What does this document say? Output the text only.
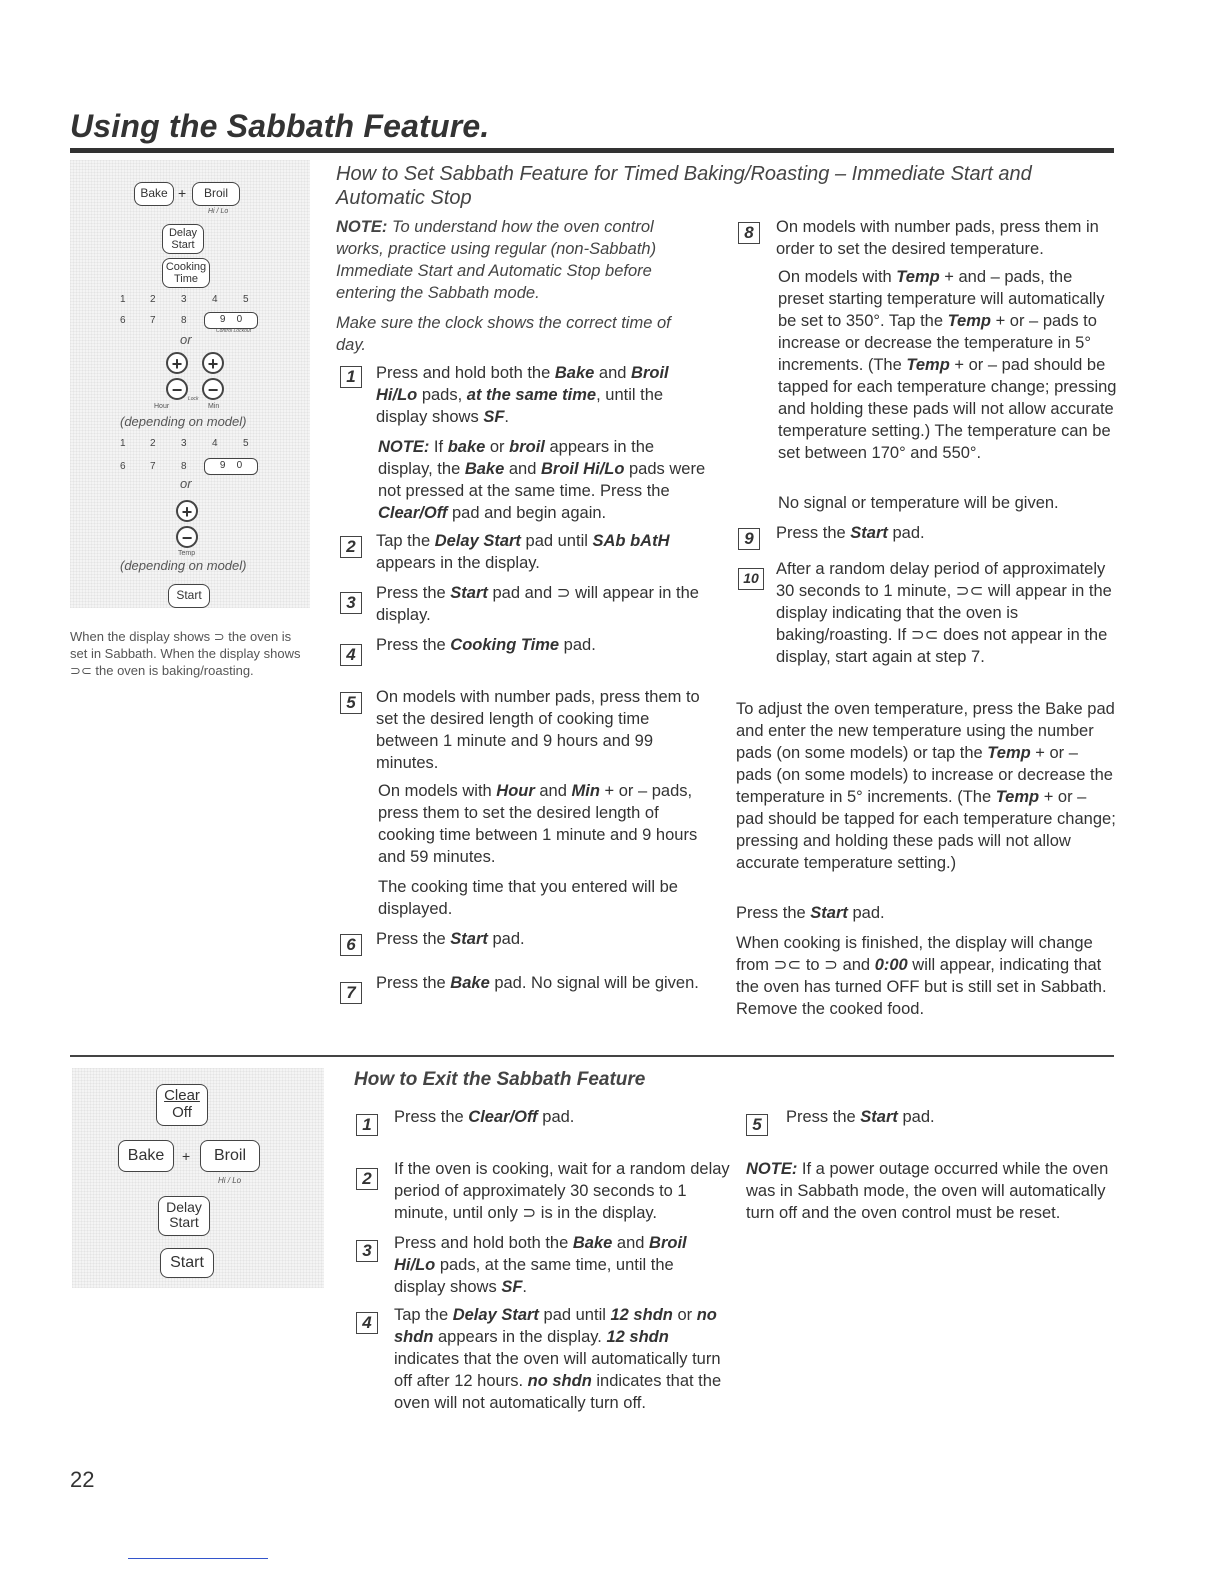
Using the Sabbath Feature.
Bake +	Broil
Hi / Lo
Delay
Start
Cooking
Time
1 2	3	4	5
6 7	8	9 0
Control Lockout
or
+	+
−	−
Lock
Hour	Min
(depending on model)
1 2	3	4	5
6 7	8	9 0
or
+
−
Temp
(depending on model)
Start
When the display shows ⊃ the oven is set in Sabbath. When the display shows ⊃⊂ the oven is baking/roasting.
How to Set Sabbath Feature for Timed Baking/Roasting – Immediate Start and Automatic Stop
NOTE: To understand how the oven control works, practice using regular (non-Sabbath) Immediate Start and Automatic Stop before entering the Sabbath mode.
Make sure the clock shows the correct time of day.
1	Press and hold both the Bake and Broil Hi/Lo pads, at the same time, until the display shows SF.
NOTE: If bake or broil appears in the display, the Bake and Broil Hi/Lo pads were not pressed at the same time. Press the Clear/Off pad and begin again.
2	Tap the Delay Start pad until SAb bAtH appears in the display.
3	Press the Start pad and ⊃ will appear in the display.
4	Press the Cooking Time pad.
5	On models with number pads, press them to set the desired length of cooking time between 1 minute and 9 hours and 99 minutes.
On models with Hour and Min + or – pads, press them to set the desired length of cooking time between 1 minute and 9 hours and 59 minutes.
The cooking time that you entered will be displayed.
6	Press the Start pad.
7	Press the Bake pad. No signal will be given.
8	On models with number pads, press them in order to set the desired temperature.
On models with Temp + and – pads, the preset starting temperature will automatically be set to 350°. Tap the Temp + or – pads to increase or decrease the temperature in 5° increments. (The Temp + or – pad should be tapped for each temperature change; pressing and holding these pads will not allow accurate temperature setting.) The temperature can be set between 170° and 550°.
No signal or temperature will be given.
9	Press the Start pad.
10	After a random delay period of approximately 30 seconds to 1 minute, ⊃⊂ will appear in the display indicating that the oven is baking/roasting. If ⊃⊂ does not appear in the display, start again at step 7.
To adjust the oven temperature, press the Bake pad and enter the new temperature using the number pads (on some models) or tap the Temp + or – pads (on some models) to increase or decrease the temperature in 5° increments. (The Temp + or – pad should be tapped for each temperature change; pressing and holding these pads will not allow accurate temperature setting.)
Press the Start pad.
When cooking is finished, the display will change from ⊃⊂ to ⊃ and 0:00 will appear, indicating that the oven has turned OFF but is still set in Sabbath. Remove the cooked food.
Clear
Off
Bake	+	Broil
Hi / Lo
Delay
Start
Start
How to Exit the Sabbath Feature
1	Press the Clear/Off pad.
2	If the oven is cooking, wait for a random delay period of approximately 30 seconds to 1 minute, until only ⊃ is in the display.
3	Press and hold both the Bake and Broil Hi/Lo pads, at the same time, until the display shows SF.
4	Tap the Delay Start pad until 12 shdn or no shdn appears in the display. 12 shdn indicates that the oven will automatically turn off after 12 hours. no shdn indicates that the oven will not automatically turn off.
5	Press the Start pad.
NOTE: If a power outage occurred while the oven was in Sabbath mode, the oven will automatically turn off and the oven control must be reset.
22
